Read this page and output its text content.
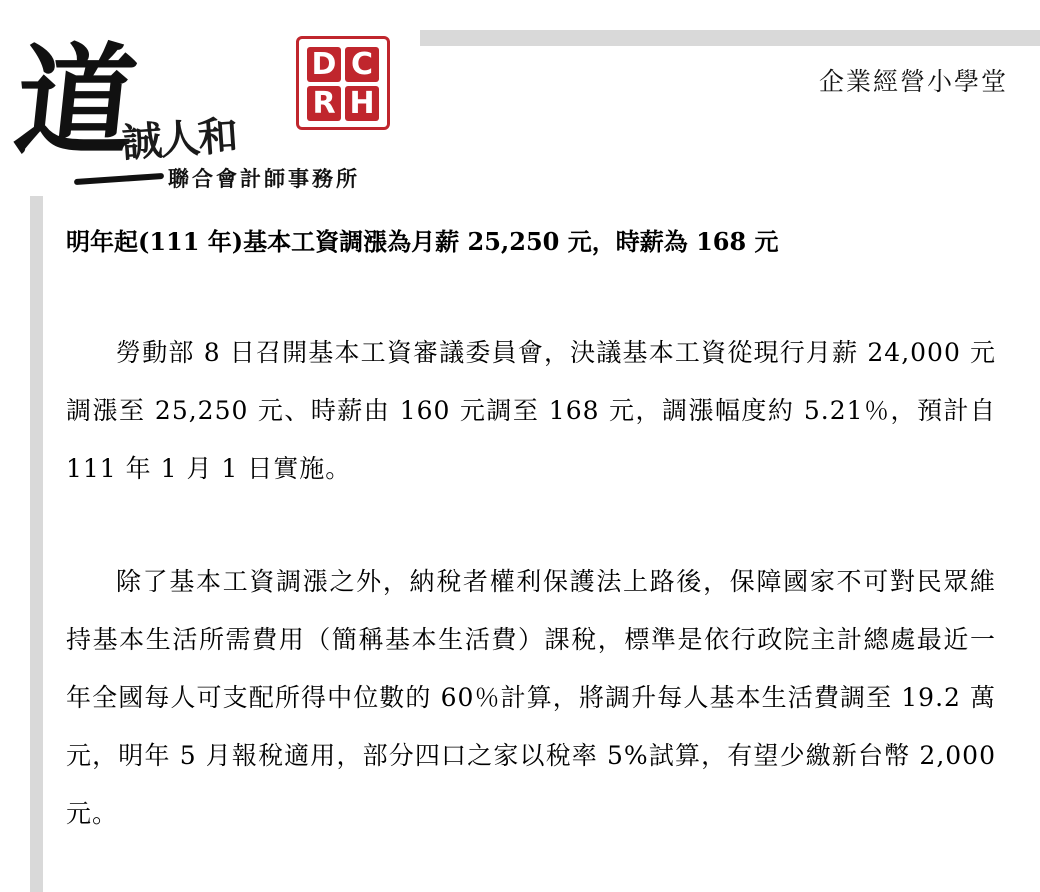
道
誠人和
D C
R H
聯合會計師事務所
企業經營小學堂
明年起(111 年)基本工資調漲為月薪 25,250 元，時薪為 168 元

勞動部 8 日召開基本工資審議委員會，決議基本工資從現行月薪 24,000 元調漲至 25,250 元、時薪由 160 元調至 168 元，調漲幅度約 5.21％，預計自 111 年 1 月 1 日實施。

除了基本工資調漲之外，納稅者權利保護法上路後，保障國家不可對民眾維持基本生活所需費用（簡稱基本生活費）課稅，標準是依行政院主計總處最近一年全國每人可支配所得中位數的 60％計算，將調升每人基本生活費調至 19.2 萬元，明年 5 月報稅適用，部分四口之家以稅率 5%試算，有望少繳新台幣 2,000 元。
